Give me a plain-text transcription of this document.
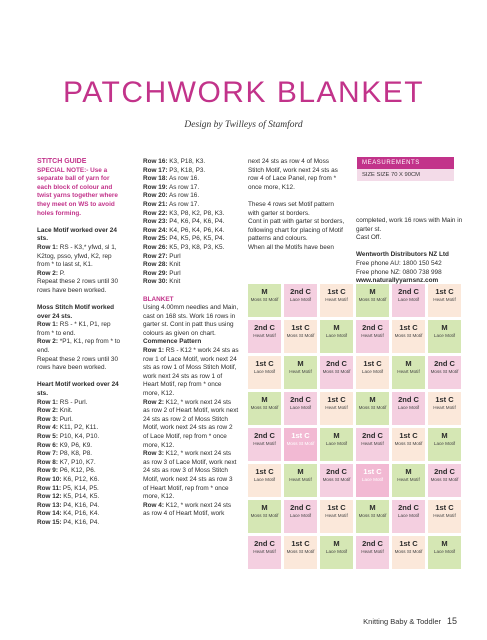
PATCHWORK BLANKET
Design by Twilleys of Stamford

STITCH GUIDE

SPECIAL NOTE:- Use a separate ball of yarn for each block of colour and twist yarns together where they meet on WS to avoid holes forming.

Lace Motif worked over 24 sts.

Row 1: RS - K3,* yfwd, sl 1, K2tog, psso, yfwd, K2, rep from * to last st, K1.

Row 2: P.

Repeat these 2 rows until 30 rows have been worked.

Moss Stitch Motif worked over 24 sts.

Row 1: RS - * K1, P1, rep from * to end.

Row 2: *P1, K1, rep from * to end.

Repeat these 2 rows until 30 rows have been worked.

Heart Motif worked over 24 sts.

Row 1: RS - Purl.

Row 2: Knit.

Row 3: Purl.

Row 4: K11, P2, K11.

Row 5: P10, K4, P10.

Row 6: K9, P6, K9.

Row 7: P8, K8, P8.

Row 8: K7, P10, K7.

Row 9: P6, K12, P6.

Row 10: K6, P12, K6.

Row 11: P5, K14, P5.

Row 12: K5, P14, K5.

Row 13: P4, K16, P4.

Row 14: K4, P16, K4.

Row 15: P4, K16, P4.

Row 16: K3, P18, K3.

Row 17: P3, K18, P3.

Row 18: As row 16.

Row 19: As row 17.

Row 20: As row 16.

Row 21: As row 17.

Row 22: K3, P8, K2, P8, K3.

Row 23: P4, K6, P4, K6, P4.

Row 24: K4, P6, K4, P6, K4.

Row 25: P4, K5, P6, K5, P4.

Row 26: K5, P3, K8, P3, K5.

Row 27: Purl

Row 28: Knit

Row 29: Purl

Row 30: Knit

BLANKET

Using 4.00mm needles and Main, cast on 168 sts. Work 16 rows in garter st. Cont in patt thus using colours as given on chart.

Commence Pattern

Row 1: RS - K12 * work 24 sts as row 1 of Lace Motif, work next 24 sts as row 1 of Moss Stitch Motif, work next 24 sts as row 1 of Heart Motif, rep from * once more, K12.

Row 2: K12, * work next 24 sts as row 2 of Heart Motif, work next 24 sts as row 2 of Moss Stitch Motif, work next 24 sts as row 2 of Lace Motif, rep from * once more, K12.

Row 3: K12, * work next 24 sts as row 3 of Lace Motif, work next 24 sts as row 3 of Moss Stitch Motif, work next 24 sts as row 3 of Heart Motif, rep from * once more, K12.

Row 4: K12, * work next 24 sts as row 4 of Heart Motif, work

next 24 sts as row 4 of Moss Stitch Motif, work next 24 sts as row 4 of Lace Panel, rep from * once more, K12.

These 4 rows set Motif pattern with garter st borders.

Cont in patt with garter st borders, following chart for placing of Motif patterns and colours.

When all the Motifs have been

MEASUREMENTS
SIZE SIZE 70 X 90CM

completed, work 16 rows with Main in garter st.

Cast Off.

Wentworth Distributors NZ Ltd

Free phone AU: 1800 150 542

Free phone NZ: 0800 738 998

www.naturallyyarnsnz.com

M
Moss St Motif
2nd C
Lace Motif
1st C
Heart Motif
M
Moss St Motif
2nd C
Lace Motif
1st C
Heart Motif
2nd C
Heart Motif
1st C
Moss St Motif
M
Lace Motif
2nd C
Heart Motif
1st C
Moss St Motif
M
Lace Motif
1st C
Lace Motif
M
Heart Motif
2nd C
Moss St Motif
1st C
Lace Motif
M
Heart Motif
2nd C
Moss St Motif
M
Moss St Motif
2nd C
Lace Motif
1st C
Heart Motif
M
Moss St Motif
2nd C
Lace Motif
1st C
Heart Motif
2nd C
Heart Motif
1st C
Moss St Motif
M
Lace Motif
2nd C
Heart Motif
1st C
Moss St Motif
M
Lace Motif
1st C
Lace Motif
M
Heart Motif
2nd C
Moss St Motif
1st C
Lace Motif
M
Heart Motif
2nd C
Moss St Motif
M
Moss St Motif
2nd C
Lace Motif
1st C
Heart Motif
M
Moss St Motif
2nd C
Lace Motif
1st C
Heart Motif
2nd C
Heart Motif
1st C
Moss St Motif
M
Lace Motif
2nd C
Heart Motif
1st C
Moss St Motif
M
Lace Motif
Knitting Baby & Toddler 15
